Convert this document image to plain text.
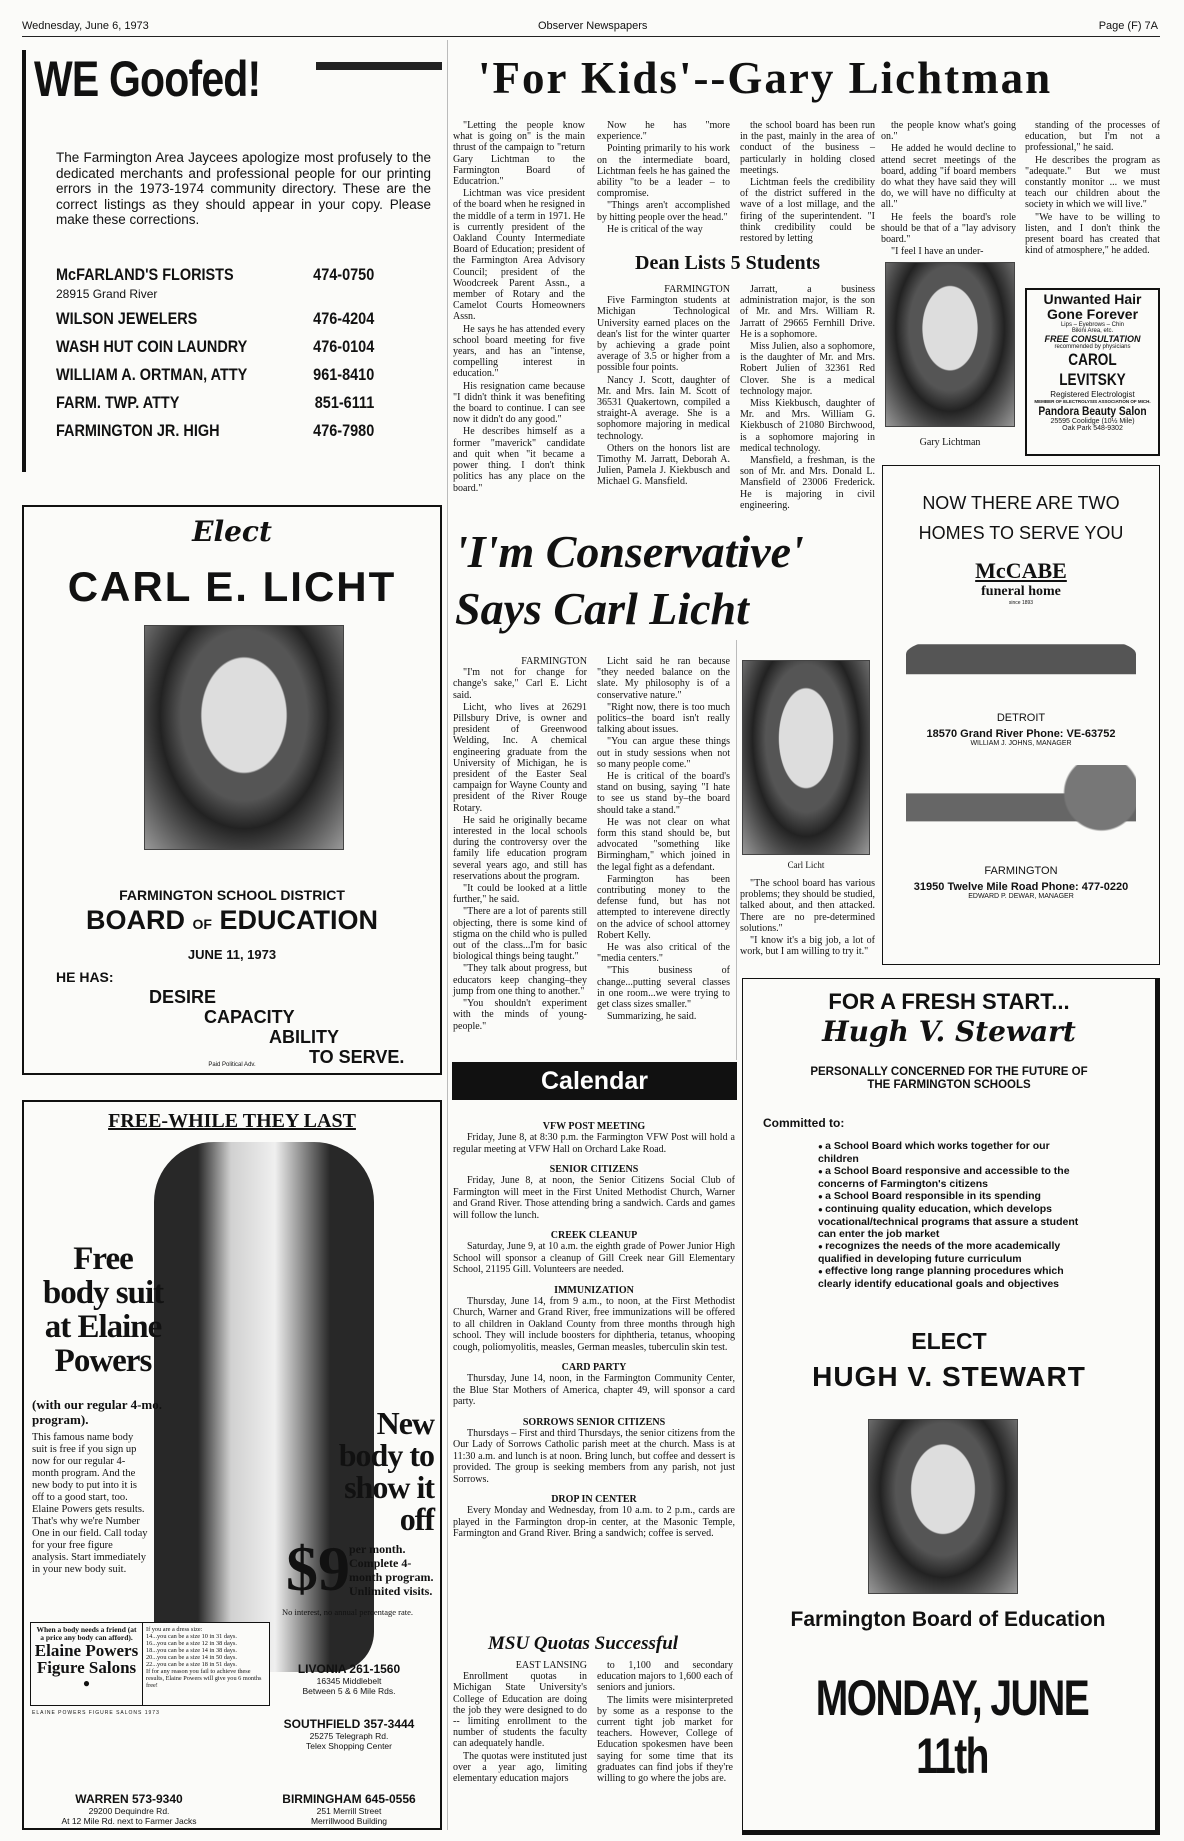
Wednesday, June 6, 1973	Observer Newspapers	Page (F) 7A
WE Goofed!
The Farmington Area Jaycees apologize most profusely to the dedicated merchants and professional people for our printing errors in the 1973-1974 community directory. These are the correct listings as they should appear in your copy. Please make these corrections.
McFARLAND'S FLORISTS	474-0750
28915 Grand River
WILSON JEWELERS	476-4204
WASH HUT COIN LAUNDRY	476-0104
WILLIAM A. ORTMAN, ATTY	961-8410
FARM. TWP. ATTY	851-6111
FARMINGTON JR. HIGH	476-7980
Elect
CARL E. LICHT
FARMINGTON SCHOOL DISTRICT
BOARD OF EDUCATION
JUNE 11, 1973
HE HAS:
DESIRE
CAPACITY
ABILITY
TO SERVE.
Paid Political Adv.
FREE-WHILE THEY LAST
Free body suit at Elaine Powers
(with our regular 4-mo. program).
This famous name body suit is free if you sign up now for our regular 4-month program. And the new body to put into it is off to a good start, too. Elaine Powers gets results. That's why we're Number One in our field. Call today for your free figure analysis. Start immediately in your new body suit.
New body to show it off
$9 per month. Complete 4-month program. Unlimited visits.
No interest, no annual percentage rate.
When a body needs a friend (at a price any body can afford).
Elaine Powers Figure Salons
●
If you are a dress size:
14...you can be a size 10 in 31 days.
16...you can be a size 12 in 38 days.
18...you can be a size 14 in 38 days.
20...you can be a size 14 in 50 days.
22...you can be a size 18 in 51 days.
If for any reason you fail to achieve these results, Elaine Powers will give you 6 months free!
ELAINE POWERS FIGURE SALONS 1973
LIVONIA 261-1560
16345 Middlebelt
Between 5 & 6 Mile Rds.
SOUTHFIELD 357-3444
25275 Telegraph Rd.
Telex Shopping Center
WARREN 573-9340
29200 Dequindre Rd.
At 12 Mile Rd. next to Farmer Jacks
BIRMINGHAM 645-0556
251 Merrill Street
Merrillwood Building
'For Kids'--Gary Lichtman

"Letting the people know what is going on" is the main thrust of the campaign to "return Gary Lichtman to the Farmington Board of Educatrion."

Lichtman was vice president of the board when he resigned in the middle of a term in 1971. He is currently president of the Oakland County Intermediate Board of Education; president of the Farmington Area Advisory Council; president of the Woodcreek Parent Assn., a member of Rotary and the Camelot Courts Homeowners Assn.

He says he has attended every school board meeting for five years, and has an "intense, compelling interest in education."

His resignation came because "I didn't think it was benefiting the board to continue. I can see now it didn't do any good."

He describes himself as a former "maverick" candidate and quit when "it became a power thing. I don't think politics has any place on the board."

Now he has "more experience."

Pointing primarily to his work on the intermediate board, Lichtman feels he has gained the ability "to be a leader – to compromise.

"Things aren't accomplished by hitting people over the head."

He is critical of the way

the school board has been run in the past, mainly in the area of conduct of the business – particularly in holding closed meetings.

Lichtman feels the credibility of the district suffered in the wave of a lost millage, and the firing of the superintendent. "I think credibility could be restored by letting

the people know what's going on."

He added he would decline to attend secret meetings of the board, adding "if board members do what they have said they will do, we will have no difficulty at all."

He feels the board's role should be that of a "lay advisory board."

"I feel I have an under-

standing of the processes of education, but I'm not a professional," he said.

He describes the program as "adequate." But we must constantly monitor ... we must teach our children about the society in which we will live."

"We have to be willing to listen, and I don't think the present board has created that kind of atmosphere," he added.

Gary Lichtman
Dean Lists 5 Students
FARMINGTON

Five Farmington students at Michigan Technological University earned places on the dean's list for the winter quarter by achieving a grade point average of 3.5 or higher from a possible four points.

Nancy J. Scott, daughter of Mr. and Mrs. Iain M. Scott of 36531 Quakertown, compiled a straight-A average. She is a sophomore majoring in medical technology.

Others on the honors list are Timothy M. Jarratt, Deborah A. Julien, Pamela J. Kiekbusch and Michael G. Mansfield.

Jarratt, a business administration major, is the son of Mr. and Mrs. William R. Jarratt of 29665 Fernhill Drive. He is a sophomore.

Miss Julien, also a sophomore, is the daughter of Mr. and Mrs. Robert Julien of 32361 Red Clover. She is a medical technology major.

Miss Kiekbusch, daughter of Mr. and Mrs. William G. Kiekbusch of 21080 Birchwood, is a sophomore majoring in medical technology.

Mansfield, a freshman, is the son of Mr. and Mrs. Donald L. Mansfield of 23006 Frederick. He is majoring in civil engineering.

Unwanted Hair
Gone Forever
Lips – Eyebrows – Chin
Bikini Area, etc.
FREE CONSULTATION
recommended by physicians
CAROL LEVITSKY
Registered Electrologist
MEMBER OF ELECTROLYSIS ASSOCIATION OF MICH.
Pandora Beauty Salon
25595 Coolidge (10½ Mile)
Oak Park 548-9302
'I'm Conservative'
Says Carl Licht
FARMINGTON

"I'm not for change for change's sake," Carl E. Licht said.

Licht, who lives at 26291 Pillsbury Drive, is owner and president of Greenwood Welding, Inc. A chemical engineering graduate from the University of Michigan, he is president of the Easter Seal campaign for Wayne County and president of the River Rouge Rotary.

He said he originally became interested in the local schools during the controversy over the family life education program several years ago, and still has reservations about the program.

"It could be looked at a little further," he said.

"There are a lot of parents still objecting, there is some kind of stigma on the child who is pulled out of the class...I'm for basic biological things being taught."

"They talk about progress, but educators keep changing–they jump from one thing to another."

"You shouldn't experiment with the minds of young-people."

Licht said he ran because "they needed balance on the slate. My philosophy is of a conservative nature."

"Right now, there is too much politics–the board isn't really talking about issues.

"You can argue these things out in study sessions when not so many people come."

He is critical of the board's stand on busing, saying "I hate to see us stand by–the board should take a stand."

He was not clear on what form this stand should be, but advocated "something like Birmingham," which joined in the legal fight as a defendant.

Farmington has been contributing money to the defense fund, but has not attempted to interevene directly on the advice of school attorney Robert Kelly.

He was also critical of the "media centers."

"This business of change...putting several classes in one room...we were trying to get class sizes smaller."

Summarizing, he said.

Carl Licht

"The school board has various problems; they should be studied, talked about, and then attacked. There are no pre-determined solutions."

"I know it's a big job, a lot of work, but I am willing to try it."

NOW THERE ARE TWO
HOMES TO SERVE YOU
McCABE
funeral home
since 1893
DETROIT
18570 Grand River Phone: VE-63752
WILLIAM J. JOHNS, MANAGER
FARMINGTON
31950 Twelve Mile Road Phone: 477-0220
EDWARD P. DEWAR, MANAGER
Calendar
VFW POST MEETING

Friday, June 8, at 8:30 p.m. the Farmington VFW Post will hold a regular meeting at VFW Hall on Orchard Lake Road.

SENIOR CITIZENS

Friday, June 8, at noon, the Senior Citizens Social Club of Farmington will meet in the First United Methodist Church, Warner and Grand River. Those attending bring a sandwich. Cards and games will follow the lunch.

CREEK CLEANUP

Saturday, June 9, at 10 a.m. the eighth grade of Power Junior High School will sponsor a cleanup of Gill Creek near Gill Elementary School, 21195 Gill. Volunteers are needed.

IMMUNIZATION

Thursday, June 14, from 9 a.m., to noon, at the First Methodist Church, Warner and Grand River, free immunizations will be offered to all children in Oakland County from three months through high school. They will include boosters for diphtheria, tetanus, whooping cough, poliomyolitis, measles, German measles, tuberculin skin test.

CARD PARTY

Thursday, June 14, noon, in the Farmington Community Center, the Blue Star Mothers of America, chapter 49, will sponsor a card party.

SORROWS SENIOR CITIZENS

Thursdays – First and third Thursdays, the senior citizens from the Our Lady of Sorrows Catholic parish meet at the church. Mass is at 11:30 a.m. and lunch is at noon. Bring lunch, but coffee and dessert is provided. The group is seeking members from any parish, not just Sorrows.

DROP IN CENTER

Every Monday and Wednesday, from 10 a.m. to 2 p.m., cards are played in the Farmington drop-in center, at the Masonic Temple, Farmington and Grand River. Bring a sandwich; coffee is served.

MSU Quotas Successful
EAST LANSING

Enrollment quotas in Michigan State University's College of Education are doing the job they were designed to do -- limiting enrollment to the number of students the faculty can adequately handle.

The quotas were instituted just over a year ago, limiting elementary education majors

to 1,100 and secondary education majors to 1,600 each of seniors and juniors.

The limits were misinterpreted by some as a response to the current tight job market for teachers. However, College of Education spokesmen have been saying for some time that its graduates can find jobs if they're willing to go where the jobs are.

FOR A FRESH START...
Hugh V. Stewart
PERSONALLY CONCERNED FOR THE FUTURE OF THE FARMINGTON SCHOOLS
Committed to:
● a School Board which works together for our children
● a School Board responsive and accessible to the concerns of Farmington's citizens
● a School Board responsible in its spending
● continuing quality education, which develops vocational/technical programs that assure a student can enter the job market
● recognizes the needs of the more academically qualified in developing future curriculum
● effective long range planning procedures which clearly identify educational goals and objectives
ELECT
HUGH V. STEWART
Farmington Board of Education
MONDAY, JUNE 11th
